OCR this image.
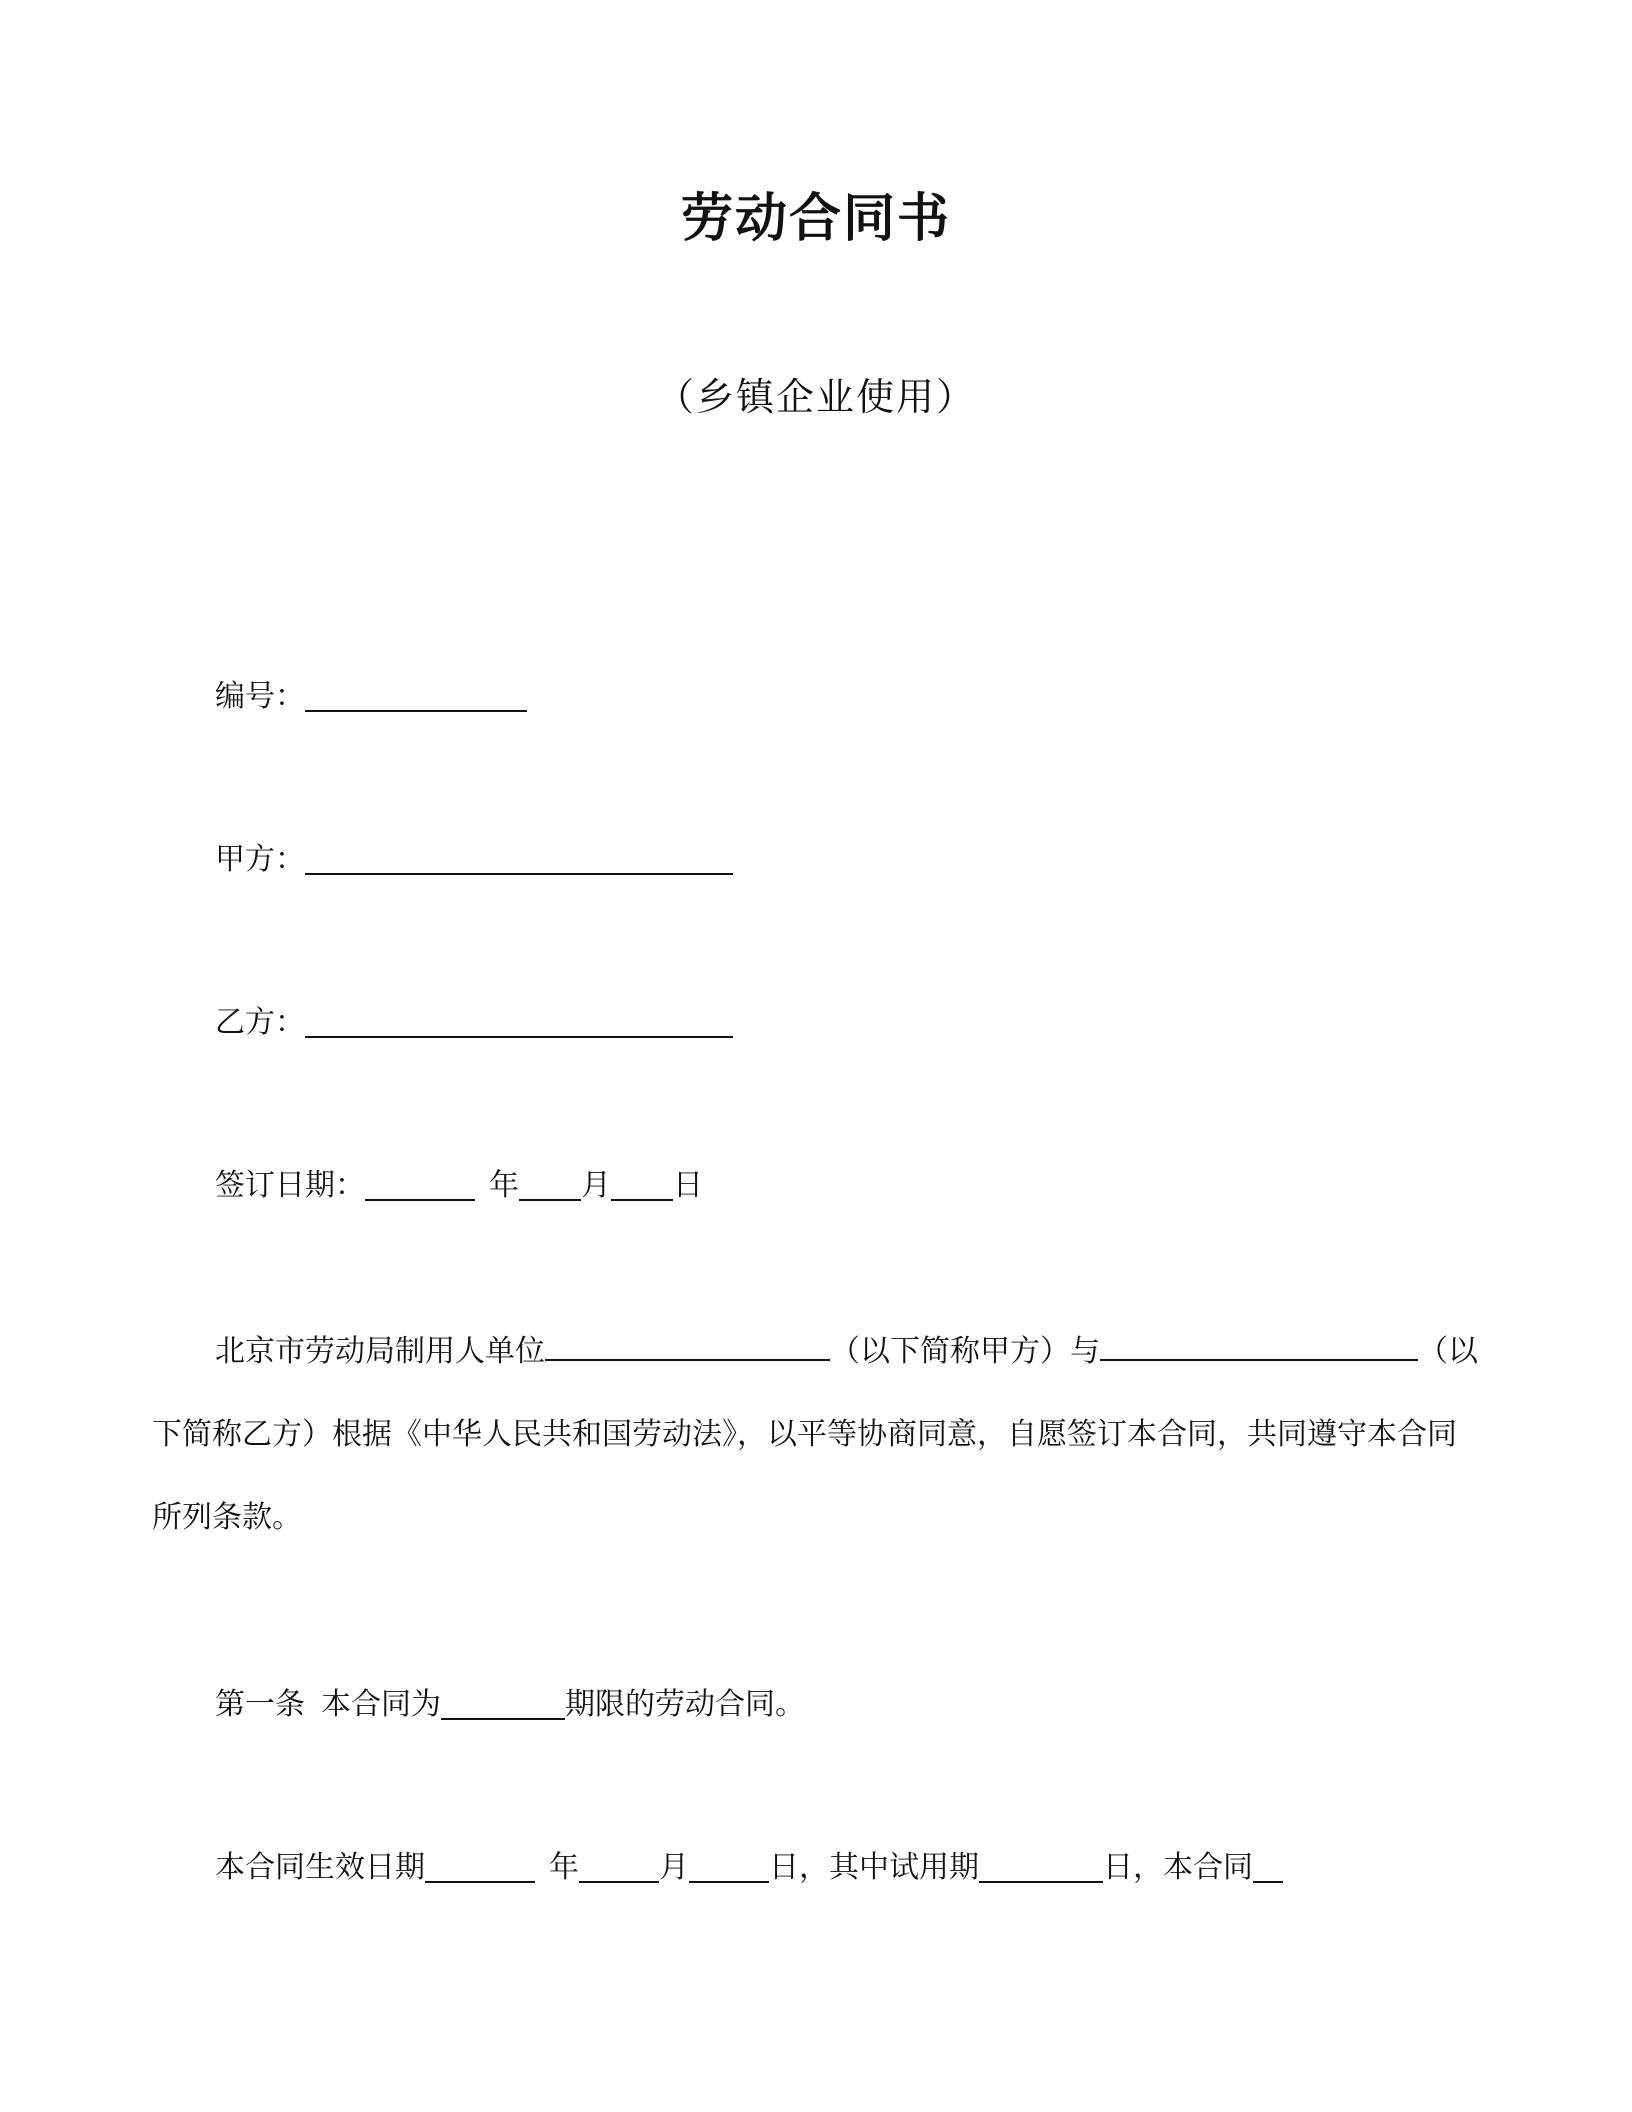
劳动合同书
（乡镇企业使用）
编号：
甲方：
乙方：
签订日期：	年 月 日
北京市劳动局制用人单位	（以下简称甲方）与	（以下简称乙方）根据《中华人民共和国劳动法》，以平等协商同意，自愿签订本合同，共同遵守本合同所列条款。
第一条 本合同为	期限的劳动合同。
本合同生效日期	年	月	日，其中试用期	日，本合同
